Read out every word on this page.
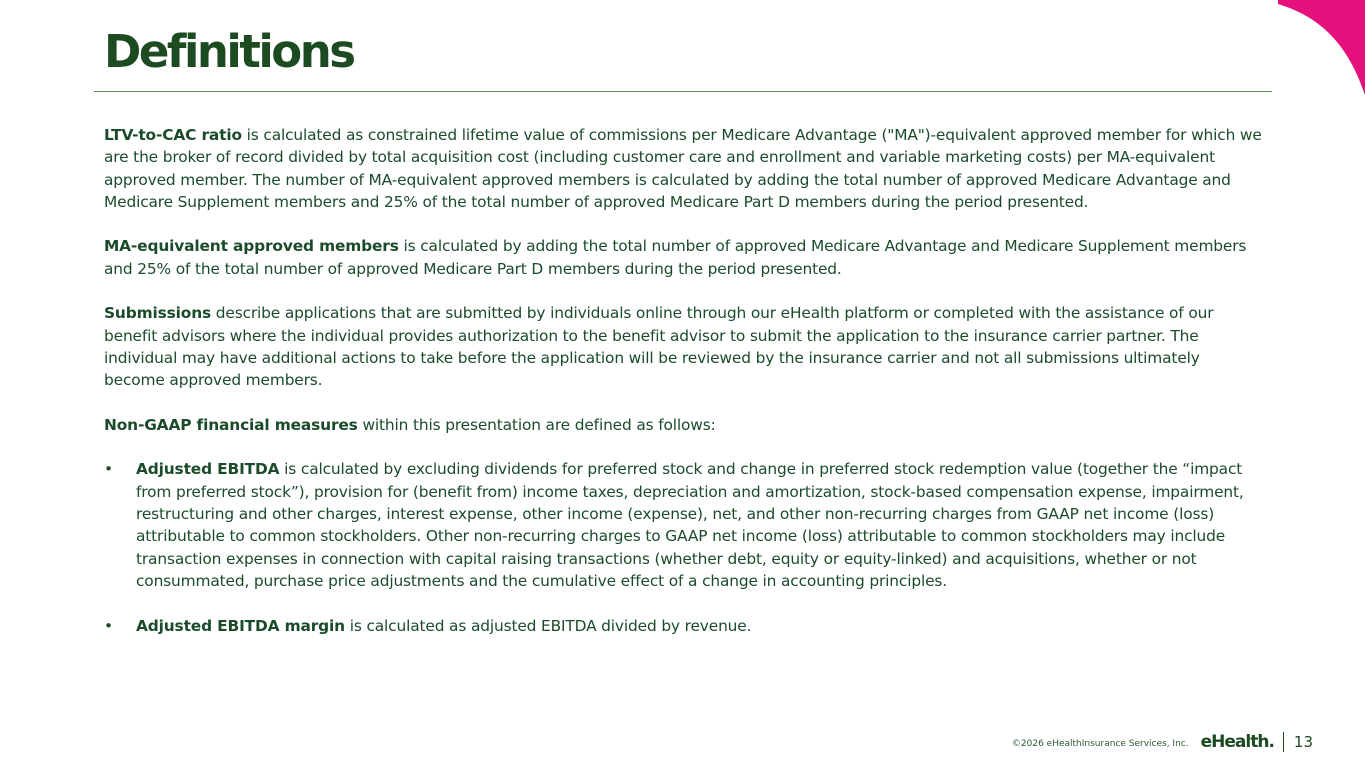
Definitions

LTV-to-CAC ratio is calculated as constrained lifetime value of commissions per Medicare Advantage ("MA")-equivalent approved member for which we are the broker of record divided by total acquisition cost (including customer care and enrollment and variable marketing costs) per MA-equivalent approved member. The number of MA-equivalent approved members is calculated by adding the total number of approved Medicare Advantage and Medicare Supplement members and 25% of the total number of approved Medicare Part D members during the period presented.

MA-equivalent approved members is calculated by adding the total number of approved Medicare Advantage and Medicare Supplement members and 25% of the total number of approved Medicare Part D members during the period presented.

Submissions describe applications that are submitted by individuals online through our eHealth platform or completed with the assistance of our benefit advisors where the individual provides authorization to the benefit advisor to submit the application to the insurance carrier partner. The individual may have additional actions to take before the application will be reviewed by the insurance carrier and not all submissions ultimately become approved members.

Non-GAAP financial measures within this presentation are defined as follows:

• Adjusted EBITDA is calculated by excluding dividends for preferred stock and change in preferred stock redemption value (together the “impact from preferred stock”), provision for (benefit from) income taxes, depreciation and amortization, stock-based compensation expense, impairment, restructuring and other charges, interest expense, other income (expense), net, and other non-recurring charges from GAAP net income (loss) attributable to common stockholders. Other non-recurring charges to GAAP net income (loss) attributable to common stockholders may include transaction expenses in connection with capital raising transactions (whether debt, equity or equity-linked) and acquisitions, whether or not consummated, purchase price adjustments and the cumulative effect of a change in accounting principles.
• Adjusted EBITDA margin is calculated as adjusted EBITDA divided by revenue.
©2026 eHealthInsurance Services, Inc. eHealth. 13
